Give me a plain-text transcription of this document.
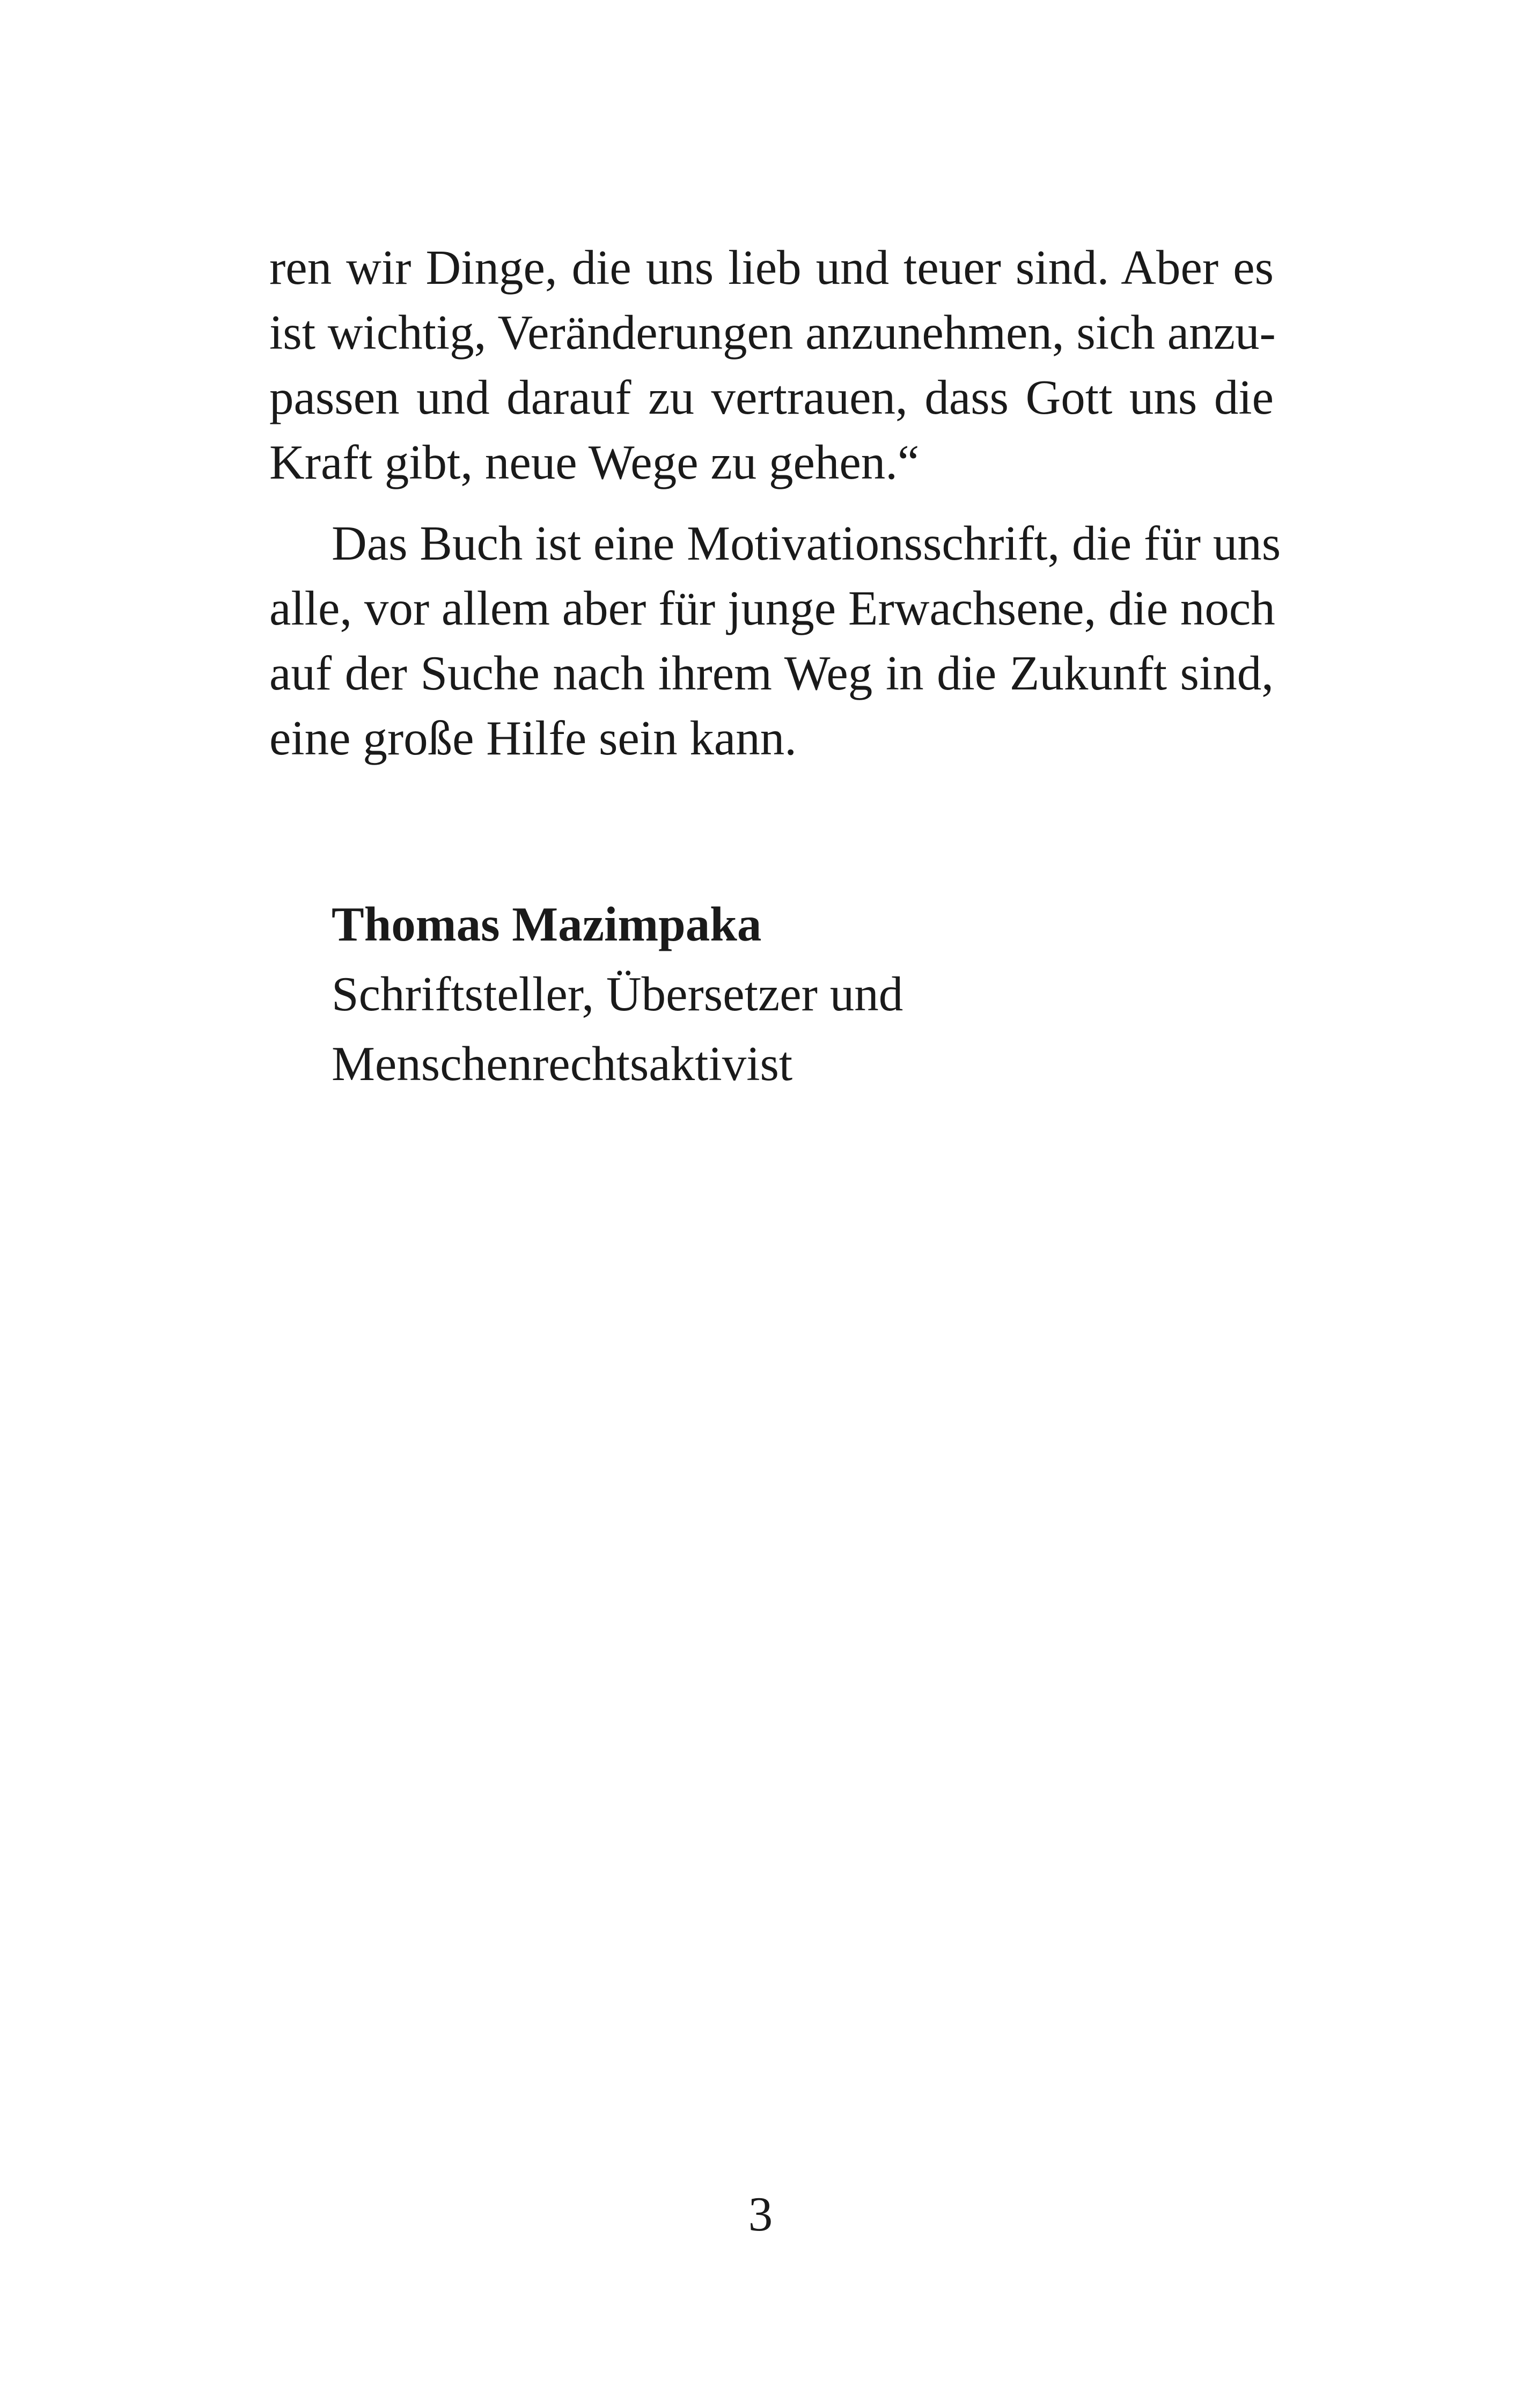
ren wir Dinge, die uns lieb und teuer sind. Aber es
ist wichtig, Veränderungen anzunehmen, sich anzu-
passen und darauf zu vertrauen, dass Gott uns die
Kraft gibt, neue Wege zu gehen.“
Das Buch ist eine Motivationsschrift, die für uns
alle, vor allem aber für junge Erwachsene, die noch
auf der Suche nach ihrem Weg in die Zukunft sind,
eine große Hilfe sein kann.
Thomas Mazimpaka
Schriftsteller, Übersetzer und
Menschenrechtsaktivist
3
